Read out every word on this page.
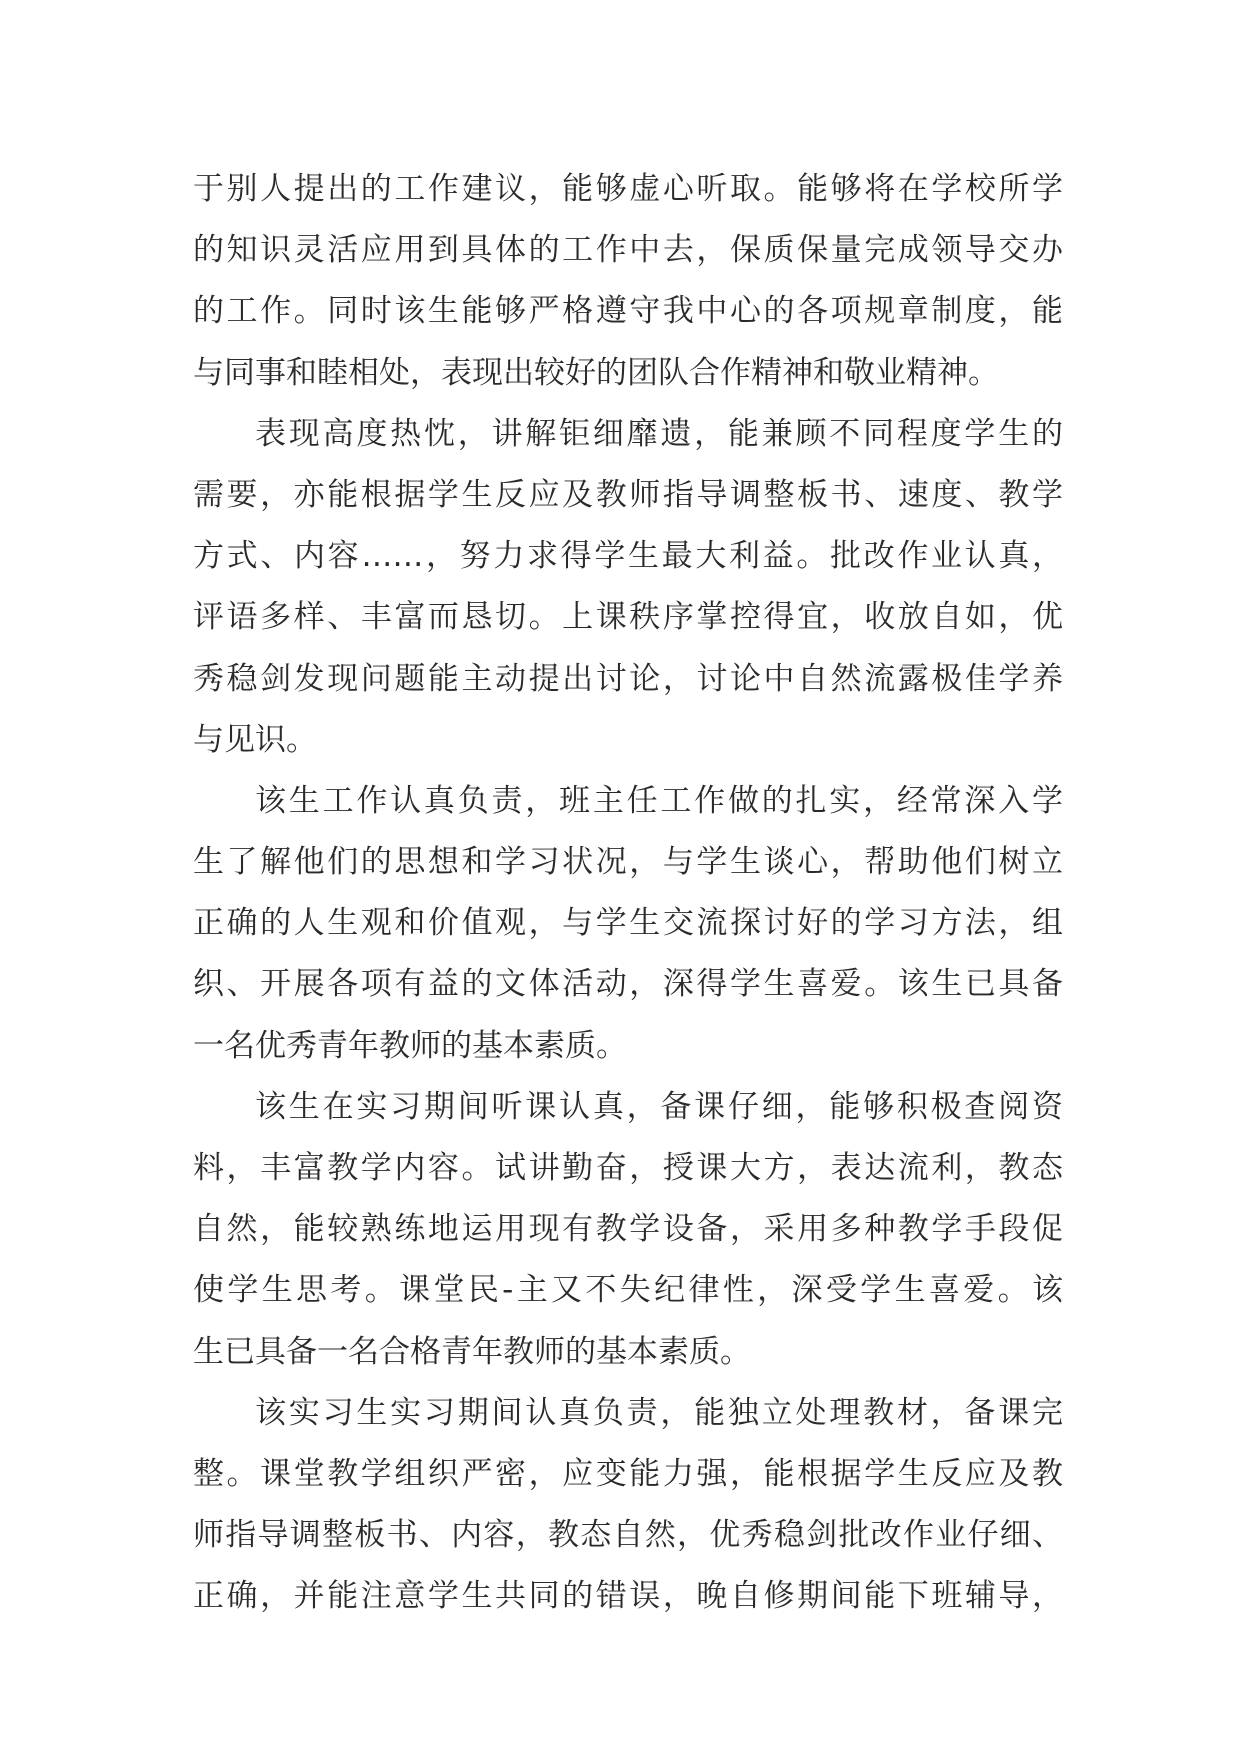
于别人提出的工作建议，能够虚心听取。能够将在学校所学
的知识灵活应用到具体的工作中去，保质保量完成领导交办
的工作。同时该生能够严格遵守我中心的各项规章制度，能
与同事和睦相处，表现出较好的团队合作精神和敬业精神。
表现高度热忱，讲解钜细靡遗，能兼顾不同程度学生的
需要，亦能根据学生反应及教师指导调整板书、速度、教学
方式、内容……，努力求得学生最大利益。批改作业认真，
评语多样、丰富而恳切。上课秩序掌控得宜，收放自如，优
秀稳剑发现问题能主动提出讨论，讨论中自然流露极佳学养
与见识。
该生工作认真负责，班主任工作做的扎实，经常深入学
生了解他们的思想和学习状况，与学生谈心，帮助他们树立
正确的人生观和价值观，与学生交流探讨好的学习方法，组
织、开展各项有益的文体活动，深得学生喜爱。该生已具备
一名优秀青年教师的基本素质。
该生在实习期间听课认真，备课仔细，能够积极查阅资
料，丰富教学内容。试讲勤奋，授课大方，表达流利，教态
自然，能较熟练地运用现有教学设备，采用多种教学手段促
使学生思考。课堂民-主又不失纪律性，深受学生喜爱。该
生已具备一名合格青年教师的基本素质。
该实习生实习期间认真负责，能独立处理教材，备课完
整。课堂教学组织严密，应变能力强，能根据学生反应及教
师指导调整板书、内容，教态自然，优秀稳剑批改作业仔细、
正确，并能注意学生共同的错误，晚自修期间能下班辅导，
